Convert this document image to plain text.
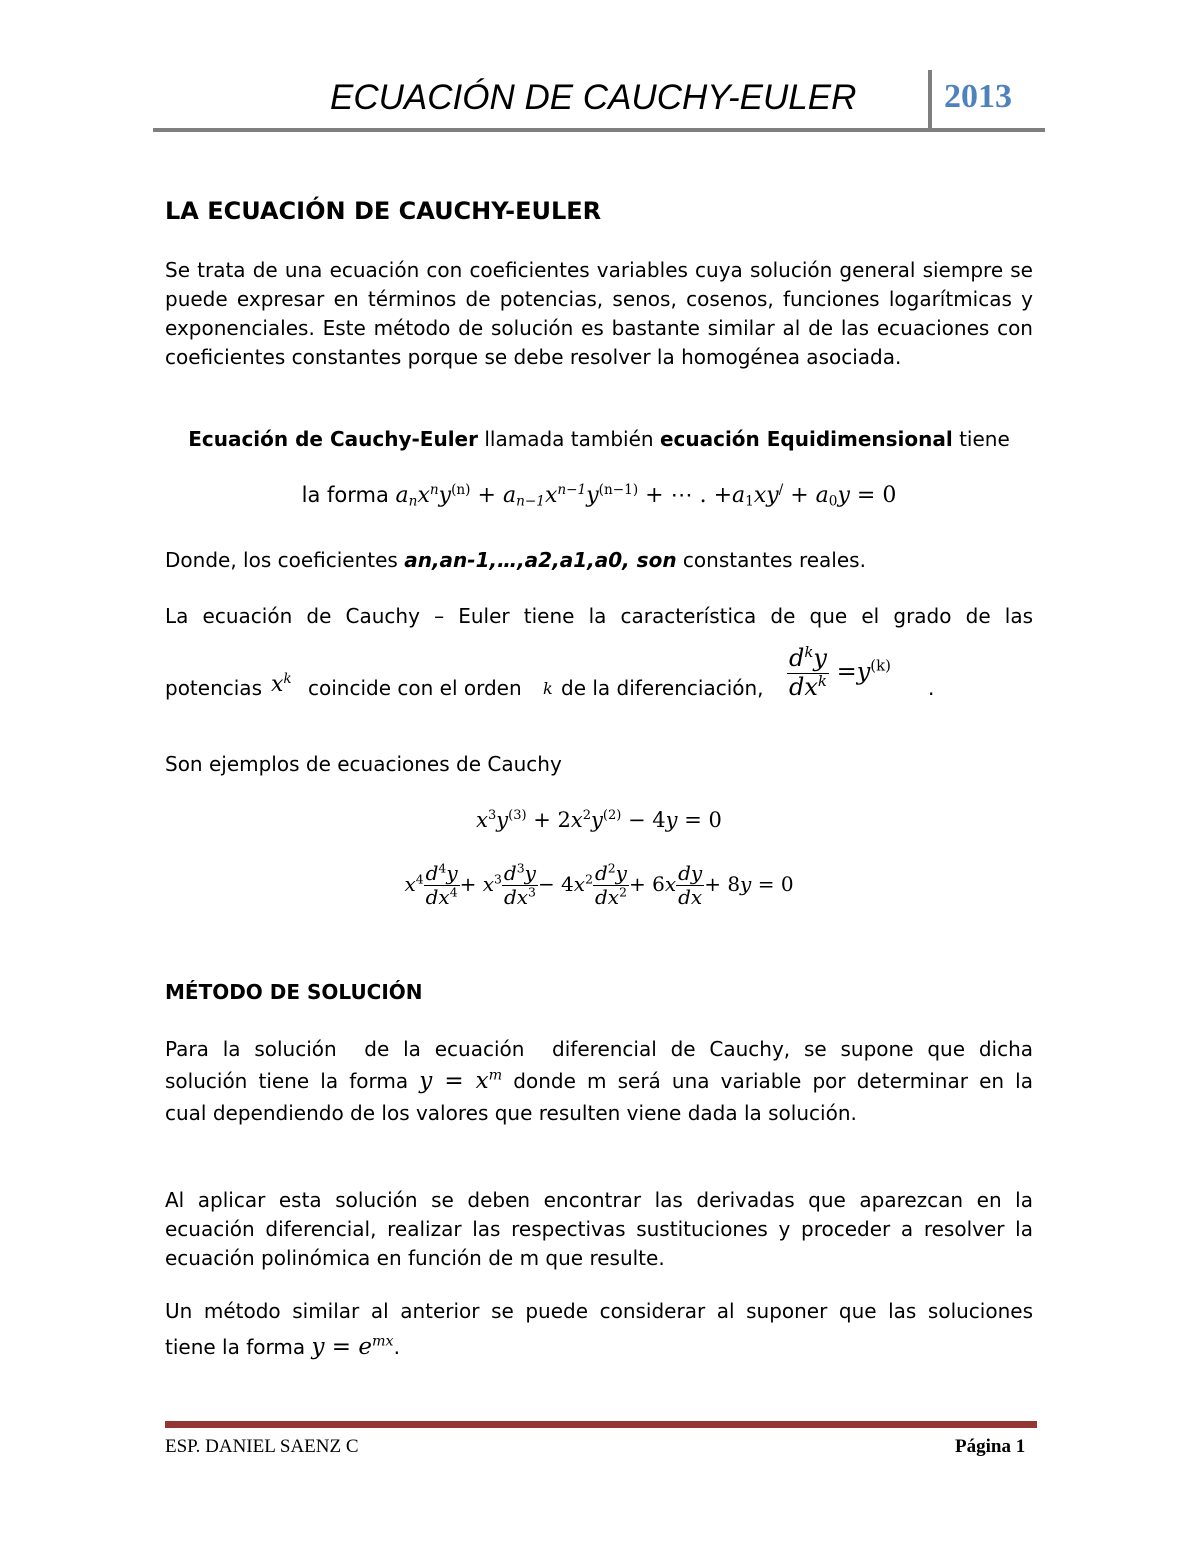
ECUACIÓN DE CAUCHY-EULER	2013
LA ECUACIÓN DE CAUCHY-EULER
Se trata de una ecuación con coeficientes variables cuya solución general siempre se puede expresar en términos de potencias, senos, cosenos, funciones logarítmicas y exponenciales. Este método de solución es bastante similar al de las ecuaciones con coeficientes constantes porque se debe resolver la homogénea asociada.
Ecuación de Cauchy-Euler llamada también ecuación Equidimensional tiene
la forma $a_nx^ny^{(n)} + a_{n-1}x^{n-1}y^{(n-1)}$ + ⋯ . $+a_1xy^/ + a_0y = 0$
Donde, los coeficientes an,an-1,…,a2,a1,a0, son constantes reales.
La ecuación de Cauchy – Euler tiene la característica de que el grado de las
potencias $x^k$ coincide con el orden k de la diferenciación, $\frac{d^ky}{dx^k} =y^{(k)}$
.
Son ejemplos de ecuaciones de Cauchy
$x^3y^{(3)} + 2x^2y^{(2)} - 4y = 0$
$x^4 \frac{d^4y}{dx^4} + x^3 \frac{d^3y}{dx^3} - 4x^2 \frac{d^2y}{dx^2} + 6x \frac{dy}{dx} + 8y = 0$
MÉTODO DE SOLUCIÓN
Para la solución  de la ecuación  diferencial de Cauchy, se supone que dicha
solución tiene la forma $y = x^m$ donde m será una variable por determinar en la
cual dependiendo de los valores que resulten viene dada la solución.
Al aplicar esta solución se deben encontrar las derivadas que aparezcan en la ecuación diferencial, realizar las respectivas sustituciones y proceder a resolver la ecuación polinómica en función de m que resulte.
Un método similar al anterior se puede considerar al suponer que las soluciones
tiene la forma $y = e^{mx}$.
ESP. DANIEL SAENZ C	Página 1
